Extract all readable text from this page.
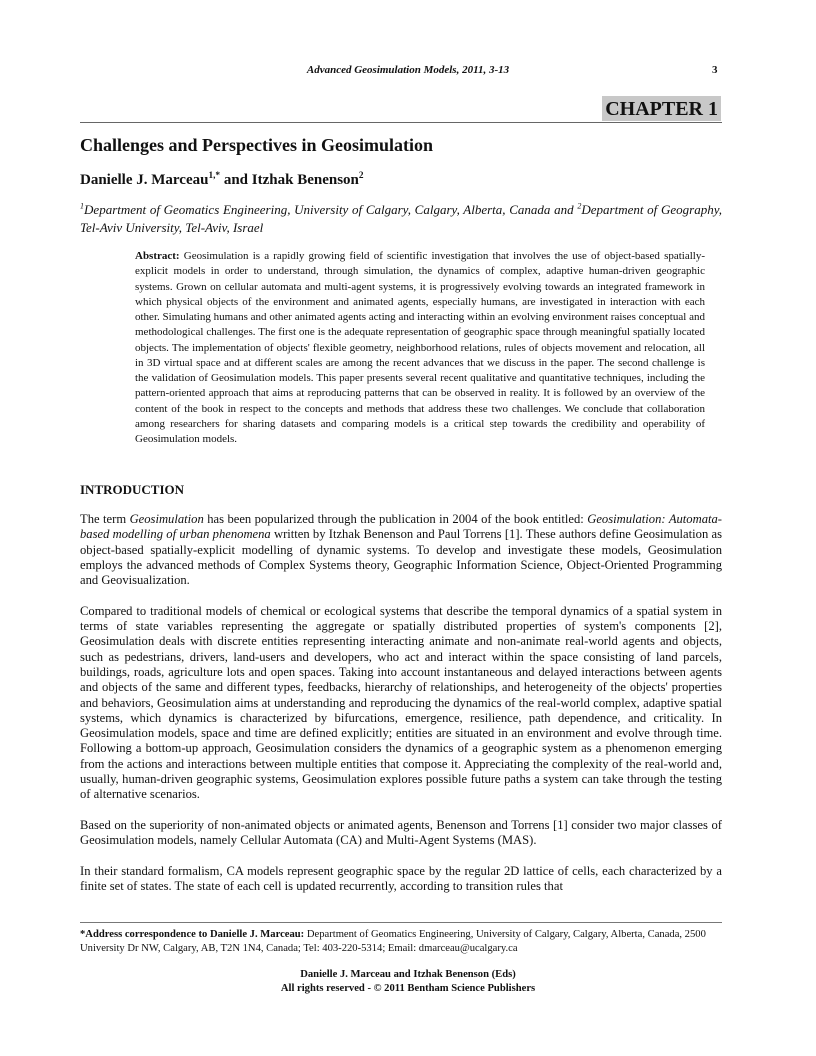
Advanced Geosimulation Models, 2011, 3-13	3
CHAPTER 1
Challenges and Perspectives in Geosimulation
Danielle J. Marceau$^{1,*}$ and Itzhak Benenson$^2$
$^1$Department of Geomatics Engineering, University of Calgary, Calgary, Alberta, Canada and $^2$Department of Geography, Tel-Aviv University, Tel-Aviv, Israel
Abstract: Geosimulation is a rapidly growing field of scientific investigation that involves the use of object-based spatially-explicit models in order to understand, through simulation, the dynamics of complex, adaptive human-driven geographic systems. Grown on cellular automata and multi-agent systems, it is progressively evolving towards an integrated framework in which physical objects of the environment and animated agents, especially humans, are investigated in interaction with each other. Simulating humans and other animated agents acting and interacting within an evolving environment raises conceptual and methodological challenges. The first one is the adequate representation of geographic space through meaningful spatially located objects. The implementation of objects' flexible geometry, neighborhood relations, rules of objects movement and relocation, all in 3D virtual space and at different scales are among the recent advances that we discuss in the paper. The second challenge is the validation of Geosimulation models. This paper presents several recent qualitative and quantitative techniques, including the pattern-oriented approach that aims at reproducing patterns that can be observed in reality. It is followed by an overview of the content of the book in respect to the concepts and methods that address these two challenges. We conclude that collaboration among researchers for sharing datasets and comparing models is a critical step towards the credibility and operability of Geosimulation models.
INTRODUCTION

The term Geosimulation has been popularized through the publication in 2004 of the book entitled: Geosimulation: Automata-based modelling of urban phenomena written by Itzhak Benenson and Paul Torrens [1]. These authors define Geosimulation as object-based spatially-explicit modelling of dynamic systems. To develop and investigate these models, Geosimulation employs the advanced methods of Complex Systems theory, Geographic Information Science, Object-Oriented Programming and Geovisualization.

Compared to traditional models of chemical or ecological systems that describe the temporal dynamics of a spatial system in terms of state variables representing the aggregate or spatially distributed properties of system's components [2], Geosimulation deals with discrete entities representing interacting animate and non-animate real-world agents and objects, such as pedestrians, drivers, land-users and developers, who act and interact within the space consisting of land parcels, buildings, roads, agriculture lots and open spaces. Taking into account instantaneous and delayed interactions between agents and objects of the same and different types, feedbacks, hierarchy of relationships, and heterogeneity of the objects' properties and behaviors, Geosimulation aims at understanding and reproducing the dynamics of the real-world complex, adaptive spatial systems, which dynamics is characterized by bifurcations, emergence, resilience, path dependence, and criticality. In Geosimulation models, space and time are defined explicitly; entities are situated in an environment and evolve through time. Following a bottom-up approach, Geosimulation considers the dynamics of a geographic system as a phenomenon emerging from the actions and interactions between multiple entities that compose it. Appreciating the complexity of the real-world and, usually, human-driven geographic systems, Geosimulation explores possible future paths a system can take through the testing of alternative scenarios.

Based on the superiority of non-animated objects or animated agents, Benenson and Torrens [1] consider two major classes of Geosimulation models, namely Cellular Automata (CA) and Multi-Agent Systems (MAS).

In their standard formalism, CA models represent geographic space by the regular 2D lattice of cells, each characterized by a finite set of states. The state of each cell is updated recurrently, according to transition rules that

*Address correspondence to Danielle J. Marceau: Department of Geomatics Engineering, University of Calgary, Calgary, Alberta, Canada, 2500 University Dr NW, Calgary, AB, T2N 1N4, Canada; Tel: 403-220-5314; Email: dmarceau@ucalgary.ca
Danielle J. Marceau and Itzhak Benenson (Eds)
All rights reserved - © 2011 Bentham Science Publishers
